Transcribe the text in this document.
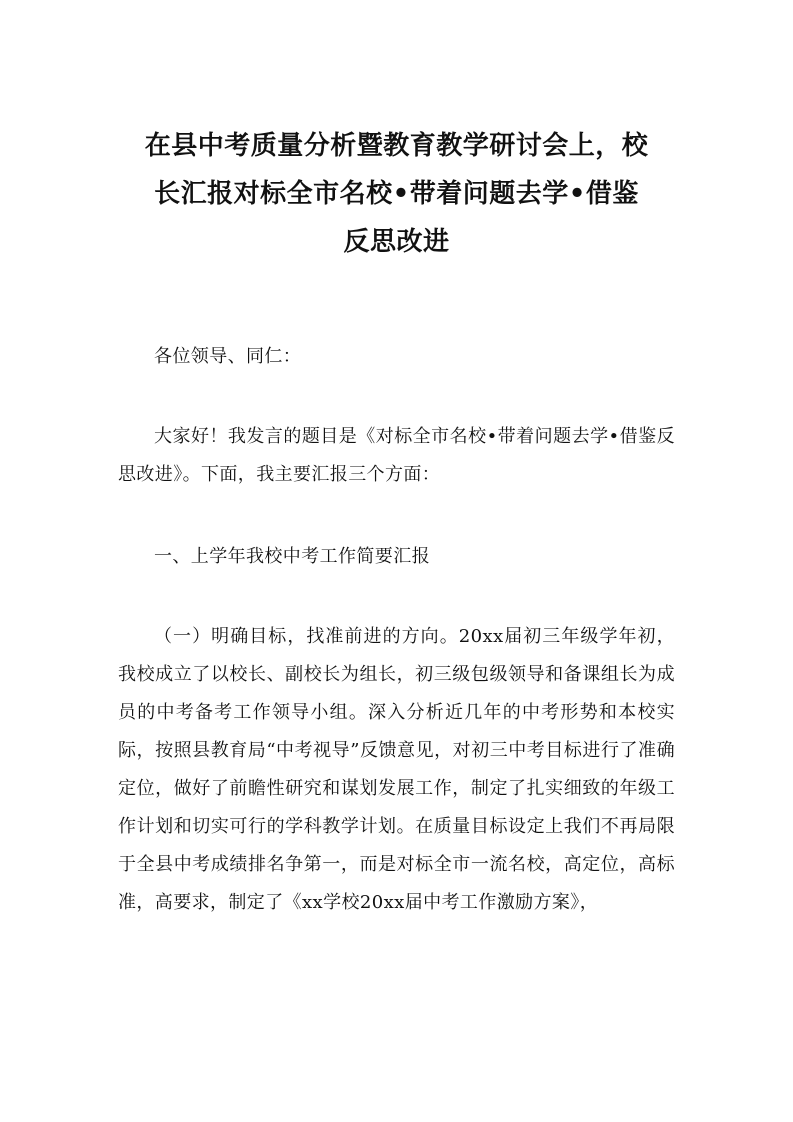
在县中考质量分析暨教育教学研讨会上，校
长汇报对标全市名校•带着问题去学•借鉴
反思改进

各位领导、同仁：

大家好！我发言的题目是《对标全市名校•带着问题去学•借鉴反思改进》。下面，我主要汇报三个方面：

一、上学年我校中考工作简要汇报

（一）明确目标，找准前进的方向。20xx届初三年级学年初，我校成立了以校长、副校长为组长，初三级包级领导和备课组长为成员的中考备考工作领导小组。深入分析近几年的中考形势和本校实际，按照县教育局“中考视导”反馈意见，对初三中考目标进行了准确定位，做好了前瞻性研究和谋划发展工作，制定了扎实细致的年级工作计划和切实可行的学科教学计划。在质量目标设定上我们不再局限于全县中考成绩排名争第一，而是对标全市一流名校，高定位，高标准，高要求，制定了《xx学校20xx届中考工作激励方案》，
